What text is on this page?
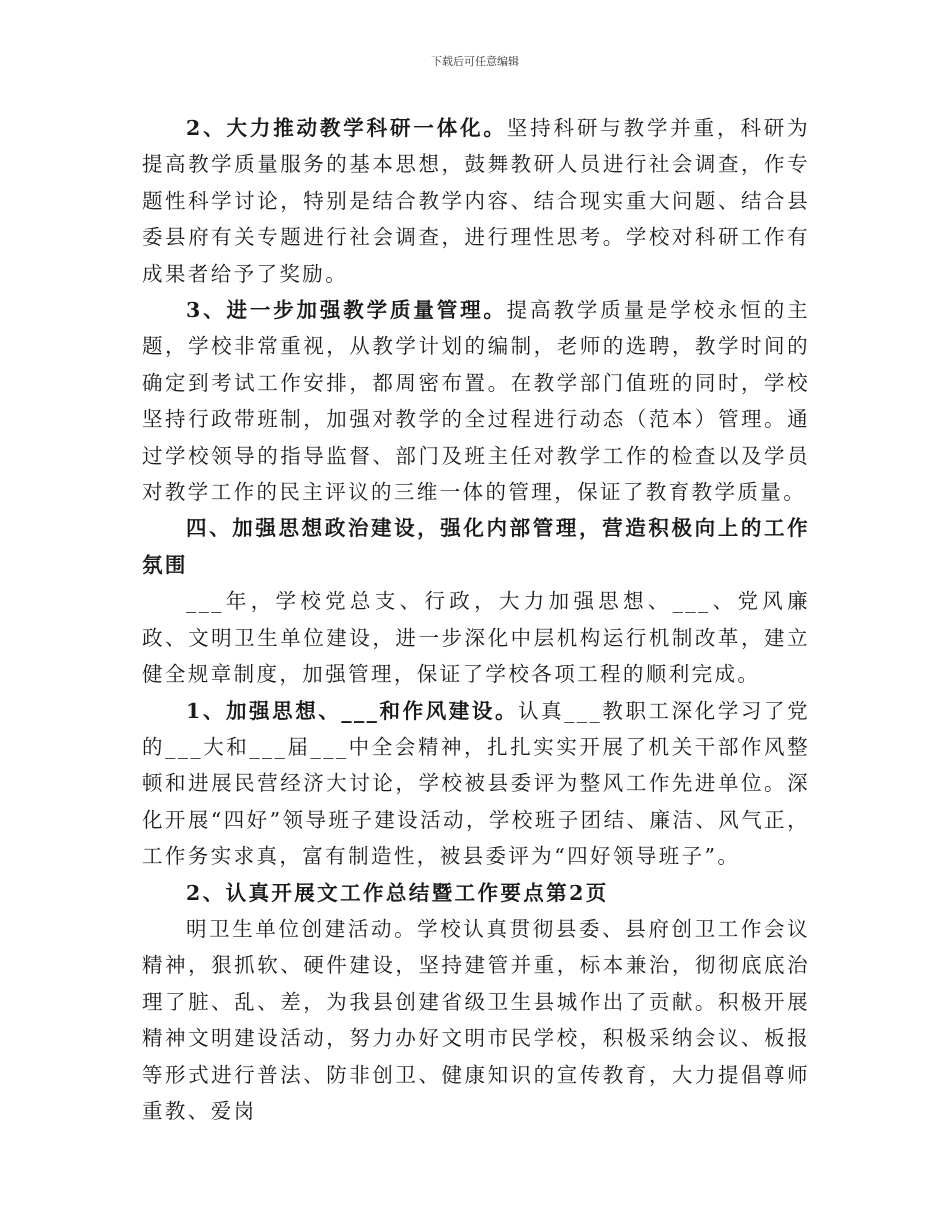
下载后可任意编辑

2、大力推动教学科研一体化。坚持科研与教学并重，科研为提高教学质量服务的基本思想，鼓舞教研人员进行社会调查，作专题性科学讨论，特别是结合教学内容、结合现实重大问题、结合县委县府有关专题进行社会调查，进行理性思考。学校对科研工作有成果者给予了奖励。

3、进一步加强教学质量管理。提高教学质量是学校永恒的主题，学校非常重视，从教学计划的编制，老师的选聘，教学时间的确定到考试工作安排，都周密布置。在教学部门值班的同时，学校坚持行政带班制，加强对教学的全过程进行动态（范本）管理。通过学校领导的指导监督、部门及班主任对教学工作的检查以及学员对教学工作的民主评议的三维一体的管理，保证了教育教学质量。

四、加强思想政治建设，强化内部管理，营造积极向上的工作氛围

___年，学校党总支、行政，大力加强思想、___、党风廉政、文明卫生单位建设，进一步深化中层机构运行机制改革，建立健全规章制度，加强管理，保证了学校各项工程的顺利完成。

1、加强思想、___和作风建设。认真___教职工深化学习了党的___大和___届___中全会精神，扎扎实实开展了机关干部作风整顿和进展民营经济大讨论，学校被县委评为整风工作先进单位。深化开展“四好”领导班子建设活动，学校班子团结、廉洁、风气正，工作务实求真，富有制造性，被县委评为“四好领导班子”。

2、认真开展文工作总结暨工作要点第2页

明卫生单位创建活动。学校认真贯彻县委、县府创卫工作会议精神，狠抓软、硬件建设，坚持建管并重，标本兼治，彻彻底底治理了脏、乱、差，为我县创建省级卫生县城作出了贡献。积极开展精神文明建设活动，努力办好文明市民学校，积极采纳会议、板报等形式进行普法、防非创卫、健康知识的宣传教育，大力提倡尊师重教、爱岗
